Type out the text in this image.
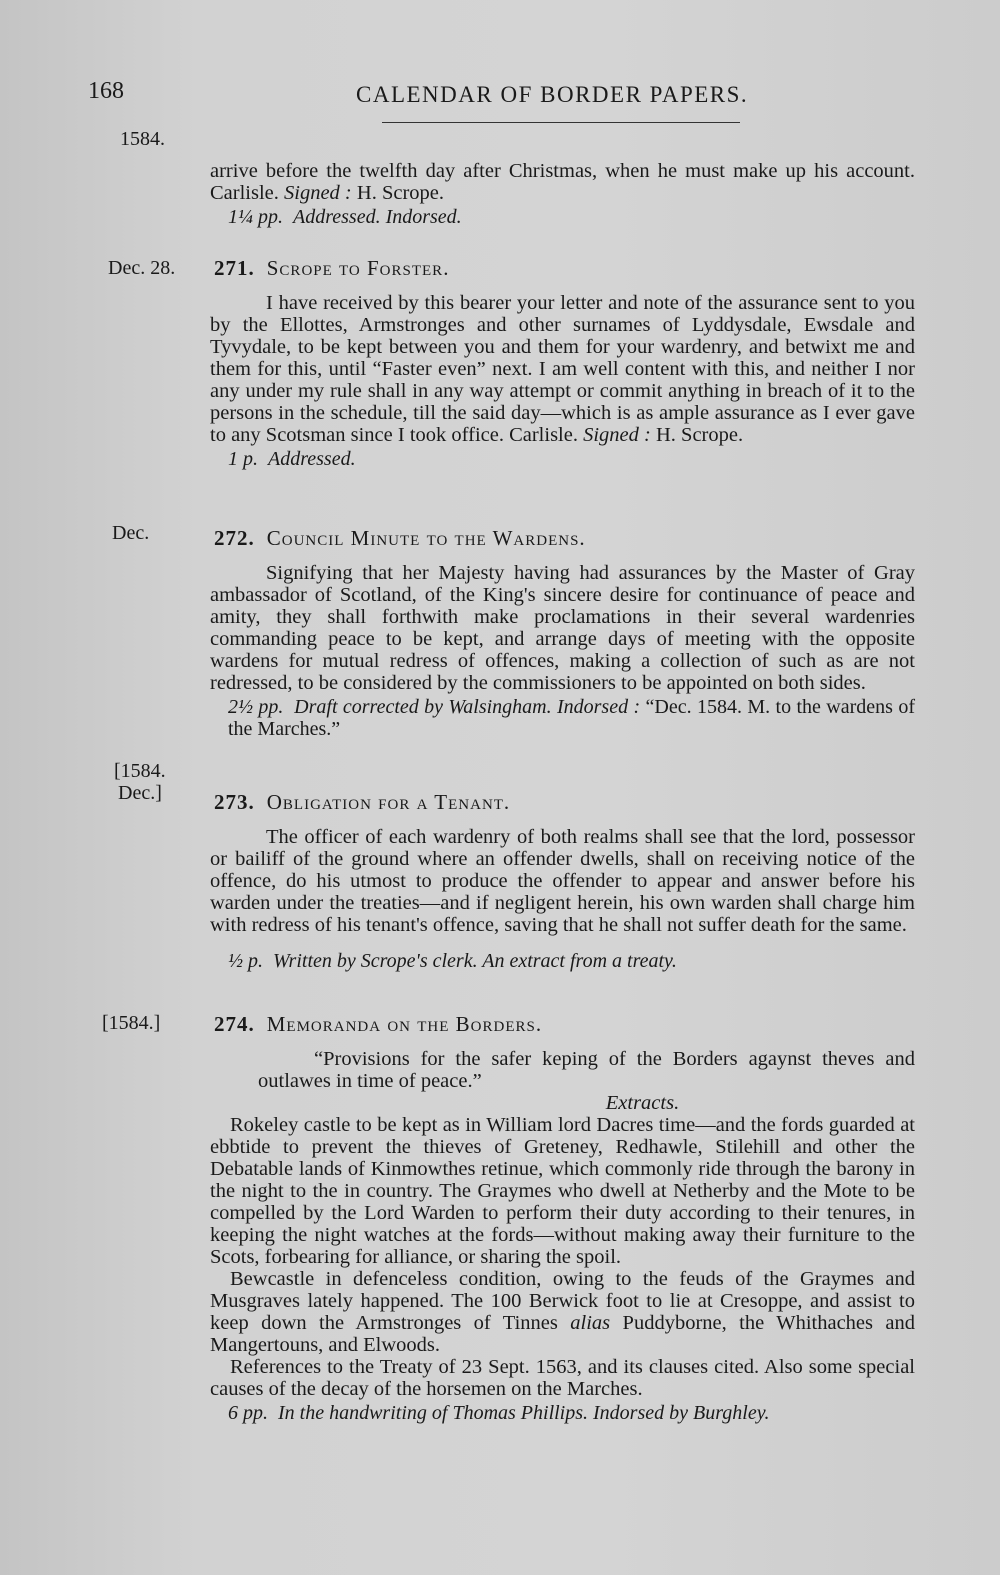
168	CALENDAR OF BORDER PAPERS.
1584.

arrive before the twelfth day after Christmas, when he must make up his account. Carlisle. Signed : H. Scrope.

1¼ pp. Addressed. Indorsed.
Dec. 28. 271. Scrope to Forster.

I have received by this bearer your letter and note of the assurance sent to you by the Ellottes, Armstronges and other surnames of Lyddysdale, Ewsdale and Tyvydale, to be kept between you and them for your wardenry, and betwixt me and them for this, until “Faster even” next. I am well content with this, and neither I nor any under my rule shall in any way attempt or commit anything in breach of it to the persons in the schedule, till the said day—which is as ample assurance as I ever gave to any Scotsman since I took office. Carlisle. Signed : H. Scrope.

1 p. Addressed.
Dec.	272. Council Minute to the Wardens.

Signifying that her Majesty having had assurances by the Master of Gray ambassador of Scotland, of the King's sincere desire for continuance of peace and amity, they shall forthwith make proclamations in their several wardenries commanding peace to be kept, and arrange days of meeting with the opposite wardens for mutual redress of offences, making a collection of such as are not redressed, to be considered by the commissioners to be appointed on both sides.

2½ pp. Draft corrected by Walsingham. Indorsed : “Dec. 1584. M. to the wardens of the Marches.”
[1584.
Dec.] 273. Obligation for a Tenant.

The officer of each wardenry of both realms shall see that the lord, possessor or bailiff of the ground where an offender dwells, shall on receiving notice of the offence, do his utmost to produce the offender to appear and answer before his warden under the treaties—and if negligent herein, his own warden shall charge him with redress of his tenant's offence, saving that he shall not suffer death for the same.

½ p. Written by Scrope's clerk. An extract from a treaty.
[1584.]	274. Memoranda on the Borders.

“Provisions for the safer keping of the Borders agaynst theves and outlawes in time of peace.”

Extracts.

Rokeley castle to be kept as in William lord Dacres time—and the fords guarded at ebbtide to prevent the thieves of Greteney, Redhawle, Stilehill and other the Debatable lands of Kinmowthes retinue, which commonly ride through the barony in the night to the in country. The Graymes who dwell at Netherby and the Mote to be compelled by the Lord Warden to perform their duty according to their tenures, in keeping the night watches at the fords—without making away their furniture to the Scots, forbearing for alliance, or sharing the spoil.

Bewcastle in defenceless condition, owing to the feuds of the Graymes and Musgraves lately happened. The 100 Berwick foot to lie at Cresoppe, and assist to keep down the Armstronges of Tinnes alias Puddyborne, the Whithaches and Mangertouns, and Elwoods.

References to the Treaty of 23 Sept. 1563, and its clauses cited. Also some special causes of the decay of the horsemen on the Marches.

6 pp. In the handwriting of Thomas Phillips. Indorsed by Burghley.
